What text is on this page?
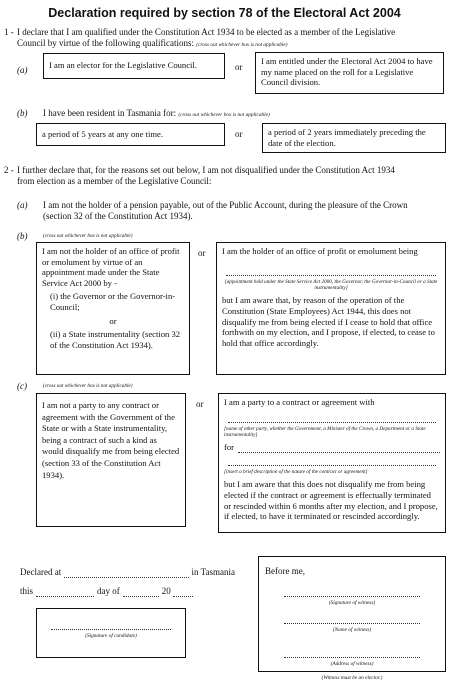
Declaration required by section 78 of the Electoral Act 2004
1 - I declare that I am qualified under the Constitution Act 1934 to be elected as a member of the Legislative
Council by virtue of the following qualifications: (cross out whichever box is not applicable)
(a)	I am an elector for the Legislative Council.	or
I am entitled under the Electoral Act 2004 to have my name placed on the roll for a Legislative Council division.
(b) I have been resident in Tasmania for: (cross out whichever box is not applicable)
a period of 5 years at any one time.	or	a period of 2 years immediately preceding the date of the election.
2 - I further declare that, for the reasons set out below, I am not disqualified under the Constitution Act 1934
from election as a member of the Legislative Council:
(a) I am not the holder of a pension payable, out of the Public Account, during the pleasure of the Crown
(section 32 of the Constitution Act 1934).
(b)	(cross out whichever box is not applicable)
I am not the holder of an office of profit or emolument by virtue of an appointment made under the State Service Act 2000 by -
(i) the Governor or the Governor-in-Council;
or
(ii) a State instrumentality (section 32 of the Constitution Act 1934).
or I am the holder of an office of profit or emolument being
[appointment held under the State Service Act 2000, the Governor, the Governor-in-Council or a State instrumentality]
but I am aware that, by reason of the operation of the Constitution (State Employees) Act 1944, this does not disqualify me from being elected if I cease to hold that office forthwith on my election, and I propose, if elected, to cease to hold that office accordingly.
(c)	(cross out whichever box is not applicable)
I am not a party to any contract or agreement with the Government of the State or with a State instrumentality, being a contract of such a kind as would disqualify me from being elected (section 33 of the Constitution Act 1934).
or I am a party to a contract or agreement with
[name of other party, whether the Government, a Minister of the Crown, a Department or a State instrumentality]
for
[insert a brief description of the nature of the contract or agreement]
but I am aware that this does not disqualify me from being elected if the contract or agreement is effectually terminated or rescinded within 6 months after my election, and I propose, if elected, to have it terminated or rescinded accordingly.
Declared at	in Tasmania
this	day of	20
(Signature of candidate)
Before me,
(Signature of witness)
(Name of witness)
(Address of witness)
(Witness must be an elector.)
